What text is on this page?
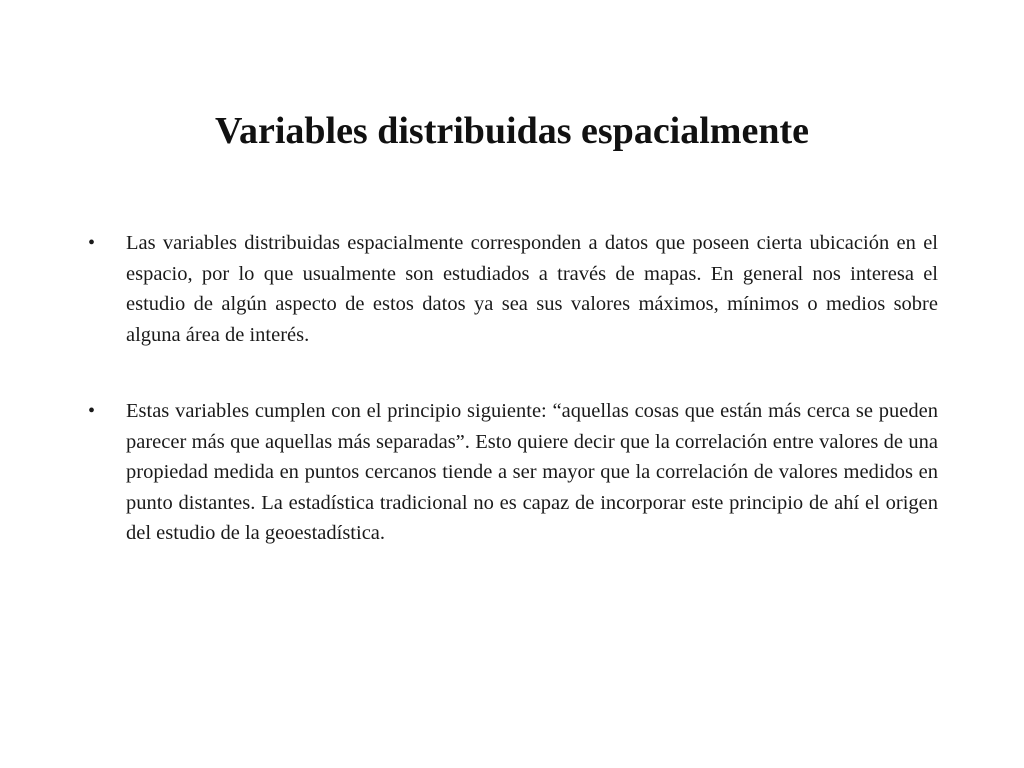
Variables distribuidas espacialmente
•	Las variables distribuidas espacialmente corresponden a datos que poseen cierta ubicación en el espacio, por lo que usualmente son estudiados a través de mapas. En general nos interesa el estudio de algún aspecto de estos datos ya sea sus valores máximos, mínimos o medios sobre alguna área de interés.
•	Estas variables cumplen con el principio siguiente: “aquellas cosas que están más cerca se pueden parecer más que aquellas más separadas”. Esto quiere decir que la correlación entre valores de una propiedad medida en puntos cercanos tiende a ser mayor que la correlación de valores medidos en punto distantes. La estadística tradicional no es capaz de incorporar este principio de ahí el origen del estudio de la geoestadística.
